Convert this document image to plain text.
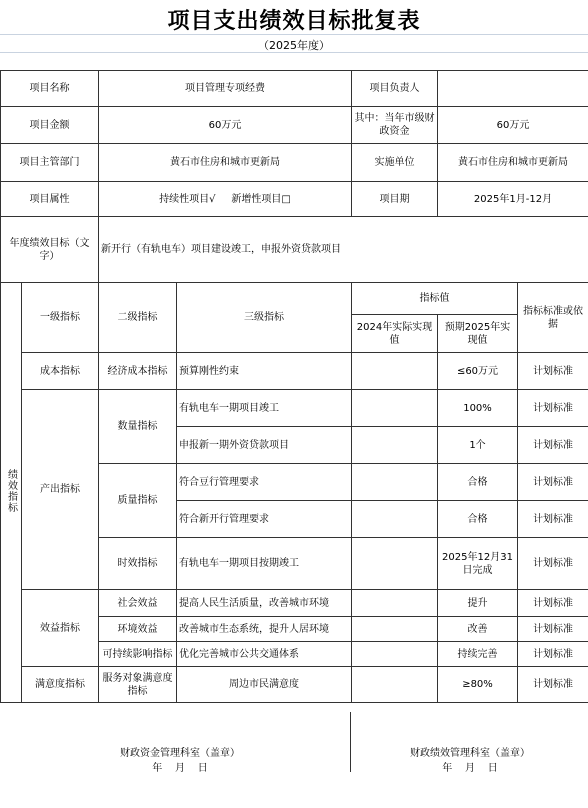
项目支出绩效目标批复表
（2025年度）
项目名称		项目管理专项经费		项目负责人		
项目金额		60万元		其中：当年市级财政资金	60万元	
项目主管部门		黄石市住房和城市更新局		实施单位	黄石市住房和城市更新局	
项目属性		持续性项目√     新增性项目□		项目期	2025年1月-12月	
年度绩效目标（文字）		新开行（有轨电车）项目建设竣工，申报外资贷款项目				
绩效指标	一级指标	二级指标	三级指标	指标值		指标标准或依据
				2024年实际实现值	预期2025年实现值	
	成本指标	经济成本指标	预算刚性约束		≤60万元	计划标准
	产出指标	数量指标	有轨电车一期项目竣工		100%	计划标准
			申报新一期外资贷款项目		1个	计划标准
		质量指标	符合豆行管理要求		合格	计划标准
			符合新开行管理要求		合格	计划标准
		时效指标	有轨电车一期项目按期竣工		2025年12月31日完成	计划标准
	效益指标	社会效益	提高人民生活质量，改善城市环境		提升	计划标准
		环境效益	改善城市生态系统，提升人居环境		改善	计划标准
		可持续影响指标	优化完善城市公共交通体系		持续完善	计划标准
	满意度指标	服务对象满意度指标	周边市民满意度		≥80%	计划标准
财政资金管理科室（盖章）
年    月    日
财政绩效管理科室（盖章）
年    月    日
